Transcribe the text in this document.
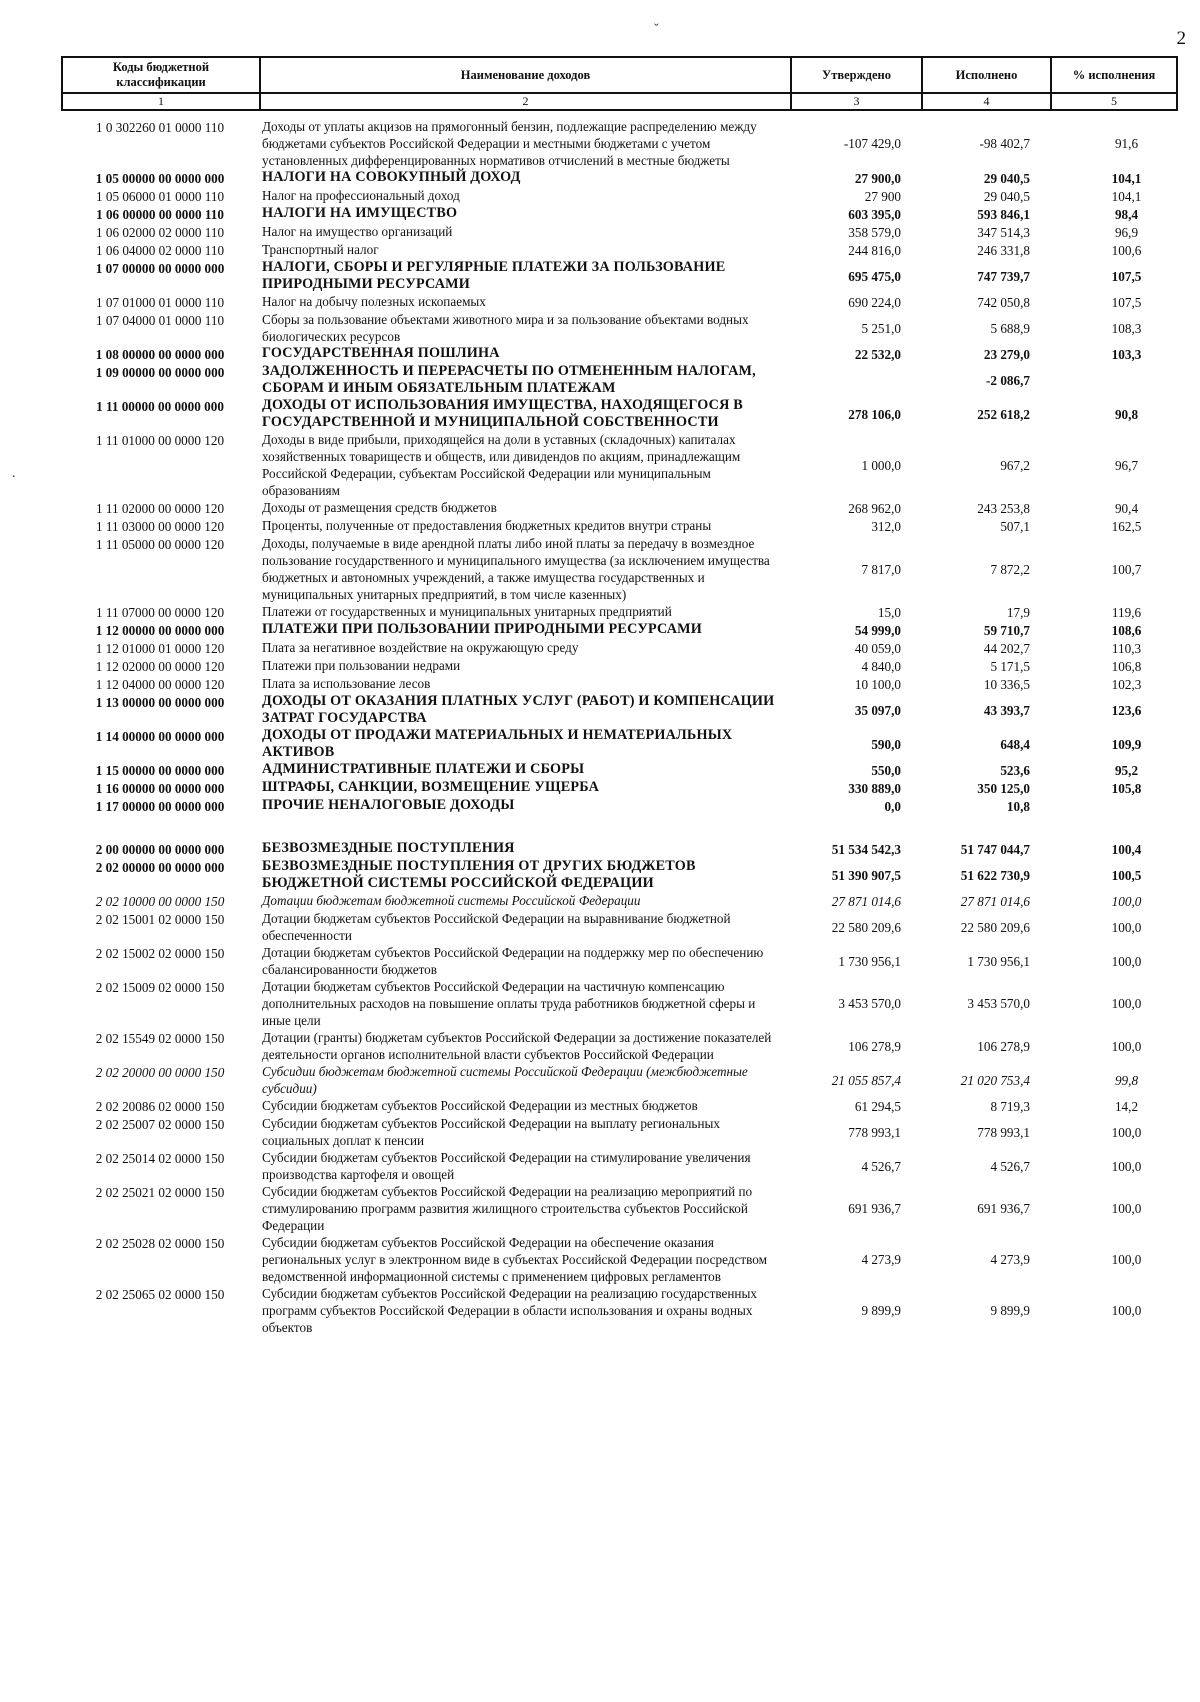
2
ˇ
.
Коды бюджетной классификации	Наименование доходов	Утверждено	Исполнено	% исполнения
1	2	3	4	5
1 0 302260 01 0000 110	Доходы от уплаты акцизов на прямогонный бензин, подлежащие распределению между бюджетами субъектов Российской Федерации и местными бюджетами с учетом установленных дифференцированных нормативов отчислений в местные бюджеты	-107 429,0	-98 402,7	91,6
1 05 00000 00 0000 000	НАЛОГИ НА СОВОКУПНЫЙ ДОХОД	27 900,0	29 040,5	104,1
1 05 06000 01 0000 110	Налог на профессиональный доход	27 900	29 040,5	104,1
1 06 00000 00 0000 110	НАЛОГИ НА ИМУЩЕСТВО	603 395,0	593 846,1	98,4
1 06 02000 02 0000 110	Налог на имущество организаций	358 579,0	347 514,3	96,9
1 06 04000 02 0000 110	Транспортный налог	244 816,0	246 331,8	100,6
1 07 00000 00 0000 000	НАЛОГИ, СБОРЫ И РЕГУЛЯРНЫЕ ПЛАТЕЖИ ЗА ПОЛЬЗОВАНИЕ ПРИРОДНЫМИ РЕСУРСАМИ	695 475,0	747 739,7	107,5
1 07 01000 01 0000 110	Налог на добычу полезных ископаемых	690 224,0	742 050,8	107,5
1 07 04000 01 0000 110	Сборы за пользование объектами животного мира и за пользование объектами водных биологических ресурсов	5 251,0	5 688,9	108,3
1 08 00000 00 0000 000	ГОСУДАРСТВЕННАЯ ПОШЛИНА	22 532,0	23 279,0	103,3
1 09 00000 00 0000 000	ЗАДОЛЖЕННОСТЬ И ПЕРЕРАСЧЕТЫ ПО ОТМЕНЕННЫМ НАЛОГАМ, СБОРАМ И ИНЫМ ОБЯЗАТЕЛЬНЫМ ПЛАТЕЖАМ		-2 086,7	
1 11 00000 00 0000 000	ДОХОДЫ ОТ ИСПОЛЬЗОВАНИЯ ИМУЩЕСТВА, НАХОДЯЩЕГОСЯ В ГОСУДАРСТВЕННОЙ И МУНИЦИПАЛЬНОЙ СОБСТВЕННОСТИ	278 106,0	252 618,2	90,8
1 11 01000 00 0000 120	Доходы в виде прибыли, приходящейся на доли в уставных (складочных) капиталах хозяйственных товариществ и обществ, или дивидендов по акциям, принадлежащим Российской Федерации, субъектам Российской Федерации или муниципальным образованиям	1 000,0	967,2	96,7
1 11 02000 00 0000 120	Доходы от размещения средств бюджетов	268 962,0	243 253,8	90,4
1 11 03000 00 0000 120	Проценты, полученные от предоставления бюджетных кредитов внутри страны	312,0	507,1	162,5
1 11 05000 00 0000 120	Доходы, получаемые в виде арендной платы либо иной платы за передачу в возмездное пользование государственного и муниципального имущества (за исключением имущества бюджетных и автономных учреждений, а также имущества государственных и муниципальных унитарных предприятий, в том числе казенных)	7 817,0	7 872,2	100,7
1 11 07000 00 0000 120	Платежи от государственных и муниципальных унитарных предприятий	15,0	17,9	119,6
1 12 00000 00 0000 000	ПЛАТЕЖИ ПРИ ПОЛЬЗОВАНИИ ПРИРОДНЫМИ РЕСУРСАМИ	54 999,0	59 710,7	108,6
1 12 01000 01 0000 120	Плата за негативное воздействие на окружающую среду	40 059,0	44 202,7	110,3
1 12 02000 00 0000 120	Платежи при пользовании недрами	4 840,0	5 171,5	106,8
1 12 04000 00 0000 120	Плата за использование лесов	10 100,0	10 336,5	102,3
1 13 00000 00 0000 000	ДОХОДЫ ОТ ОКАЗАНИЯ ПЛАТНЫХ УСЛУГ (РАБОТ) И КОМПЕНСАЦИИ ЗАТРАТ ГОСУДАРСТВА	35 097,0	43 393,7	123,6
1 14 00000 00 0000 000	ДОХОДЫ ОТ ПРОДАЖИ МАТЕРИАЛЬНЫХ И НЕМАТЕРИАЛЬНЫХ АКТИВОВ	590,0	648,4	109,9
1 15 00000 00 0000 000	АДМИНИСТРАТИВНЫЕ ПЛАТЕЖИ И СБОРЫ	550,0	523,6	95,2
1 16 00000 00 0000 000	ШТРАФЫ, САНКЦИИ, ВОЗМЕЩЕНИЕ УЩЕРБА	330 889,0	350 125,0	105,8
1 17 00000 00 0000 000	ПРОЧИЕ НЕНАЛОГОВЫЕ ДОХОДЫ	0,0	10,8	

2 00 00000 00 0000 000	БЕЗВОЗМЕЗДНЫЕ ПОСТУПЛЕНИЯ	51 534 542,3	51 747 044,7	100,4
2 02 00000 00 0000 000	БЕЗВОЗМЕЗДНЫЕ ПОСТУПЛЕНИЯ ОТ ДРУГИХ БЮДЖЕТОВ БЮДЖЕТНОЙ СИСТЕМЫ РОССИЙСКОЙ ФЕДЕРАЦИИ	51 390 907,5	51 622 730,9	100,5
2 02 10000 00 0000 150	Дотации бюджетам бюджетной системы Российской Федерации	27 871 014,6	27 871 014,6	100,0
2 02 15001 02 0000 150	Дотации бюджетам субъектов Российской Федерации на выравнивание бюджетной обеспеченности	22 580 209,6	22 580 209,6	100,0
2 02 15002 02 0000 150	Дотации бюджетам субъектов Российской Федерации на поддержку мер по обеспечению сбалансированности бюджетов	1 730 956,1	1 730 956,1	100,0
2 02 15009 02 0000 150	Дотации бюджетам субъектов Российской Федерации на частичную компенсацию дополнительных расходов на повышение оплаты труда работников бюджетной сферы и иные цели	3 453 570,0	3 453 570,0	100,0
2 02 15549 02 0000 150	Дотации (гранты) бюджетам субъектов Российской Федерации за достижение показателей деятельности органов исполнительной власти субъектов Российской Федерации	106 278,9	106 278,9	100,0
2 02 20000 00 0000 150	Субсидии бюджетам бюджетной системы Российской Федерации (межбюджетные субсидии)	21 055 857,4	21 020 753,4	99,8
2 02 20086 02 0000 150	Субсидии бюджетам субъектов Российской Федерации из местных бюджетов	61 294,5	8 719,3	14,2
2 02 25007 02 0000 150	Субсидии бюджетам субъектов Российской Федерации на выплату региональных социальных доплат к пенсии	778 993,1	778 993,1	100,0
2 02 25014 02 0000 150	Субсидии бюджетам субъектов Российской Федерации на стимулирование увеличения производства картофеля и овощей	4 526,7	4 526,7	100,0
2 02 25021 02 0000 150	Субсидии бюджетам субъектов Российской Федерации на реализацию мероприятий по стимулированию программ развития жилищного строительства субъектов Российской Федерации	691 936,7	691 936,7	100,0
2 02 25028 02 0000 150	Субсидии бюджетам субъектов Российской Федерации на обеспечение оказания региональных услуг в электронном виде в субъектах Российской Федерации посредством ведомственной информационной системы с применением цифровых регламентов	4 273,9	4 273,9	100,0
2 02 25065 02 0000 150	Субсидии бюджетам субъектов Российской Федерации на реализацию государственных программ субъектов Российской Федерации в области использования и охраны водных объектов	9 899,9	9 899,9	100,0
